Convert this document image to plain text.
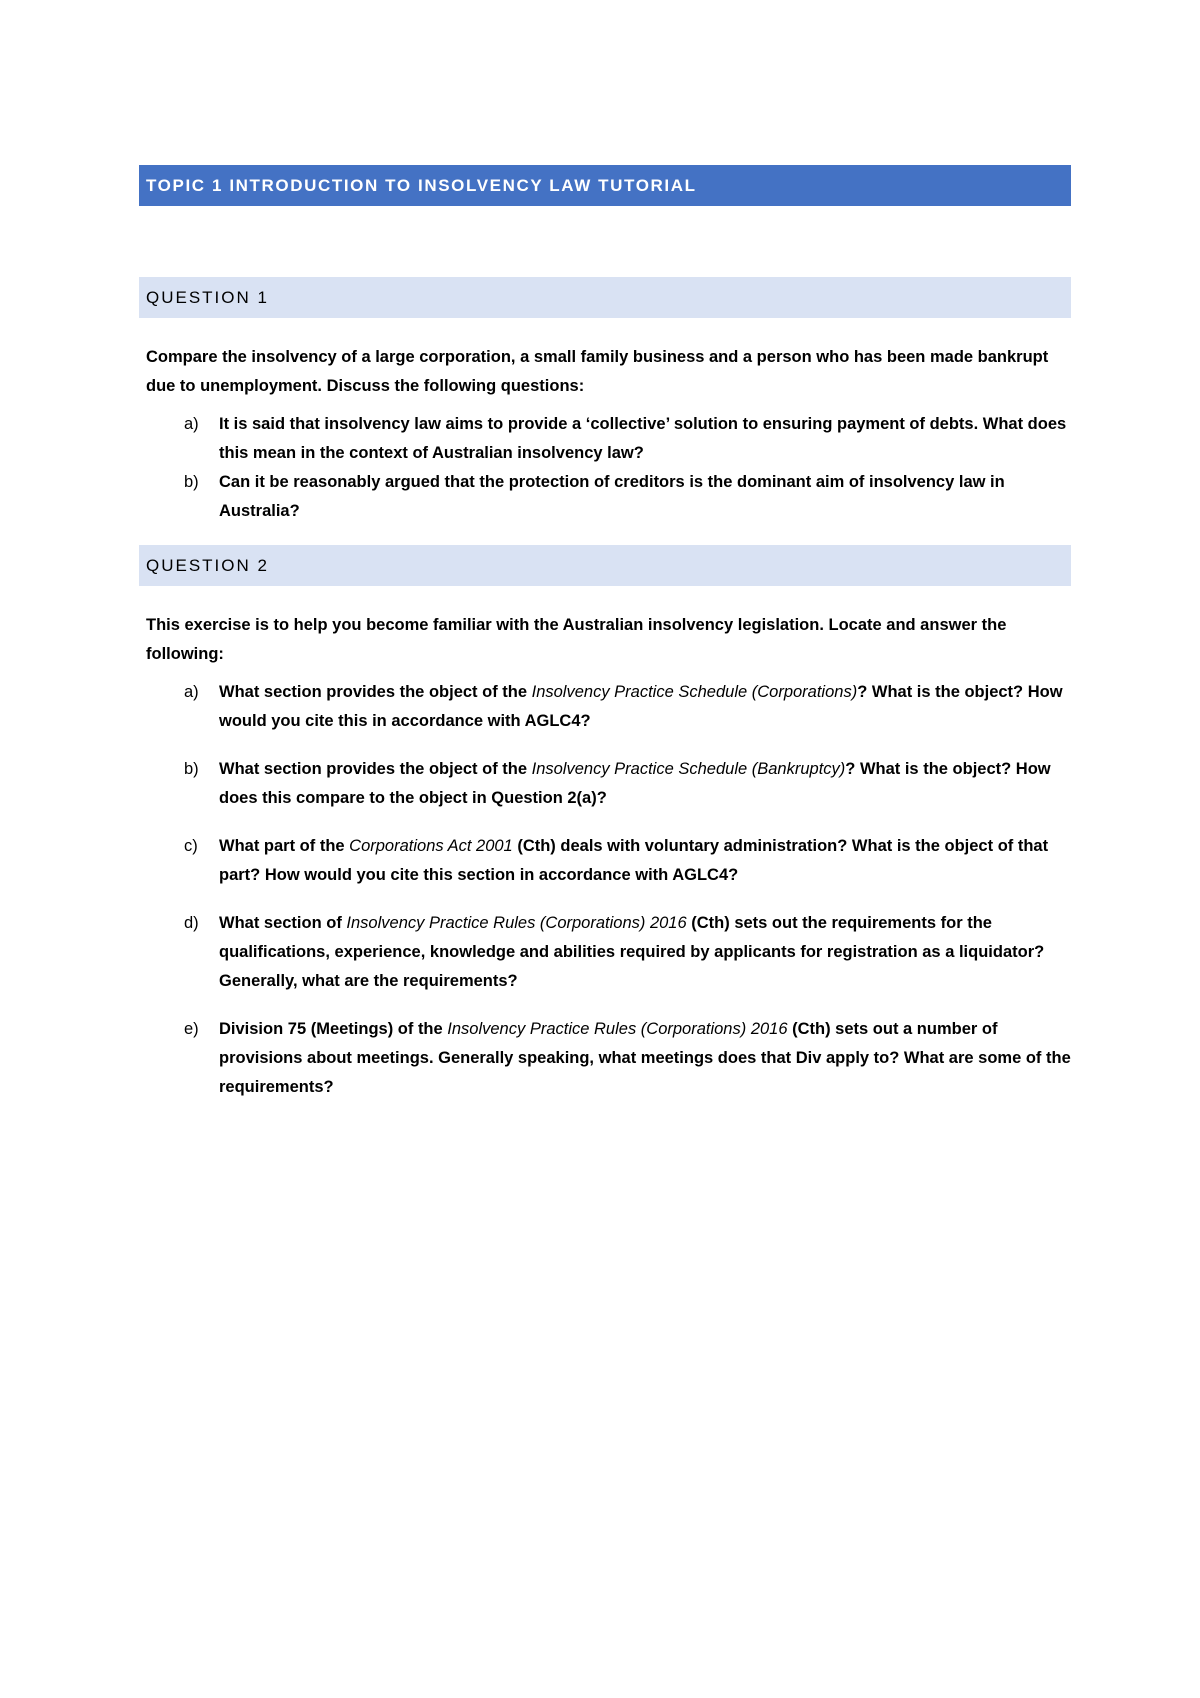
TOPIC 1 INTRODUCTION TO INSOLVENCY LAW TUTORIAL
QUESTION 1
Compare the insolvency of a large corporation, a small family business and a person who has been made bankrupt due to unemployment. Discuss the following questions:
a) It is said that insolvency law aims to provide a ‘collective’ solution to ensuring payment of debts. What does this mean in the context of Australian insolvency law?
b) Can it be reasonably argued that the protection of creditors is the dominant aim of insolvency law in Australia?
QUESTION 2
This exercise is to help you become familiar with the Australian insolvency legislation. Locate and answer the following:
a) What section provides the object of the Insolvency Practice Schedule (Corporations)? What is the object? How would you cite this in accordance with AGLC4?
b) What section provides the object of the Insolvency Practice Schedule (Bankruptcy)? What is the object? How does this compare to the object in Question 2(a)?
c) What part of the Corporations Act 2001 (Cth) deals with voluntary administration? What is the object of that part? How would you cite this section in accordance with AGLC4?
d) What section of Insolvency Practice Rules (Corporations) 2016 (Cth) sets out the requirements for the qualifications, experience, knowledge and abilities required by applicants for registration as a liquidator? Generally, what are the requirements?
e) Division 75 (Meetings) of the Insolvency Practice Rules (Corporations) 2016 (Cth) sets out a number of provisions about meetings. Generally speaking, what meetings does that Div apply to? What are some of the requirements?
